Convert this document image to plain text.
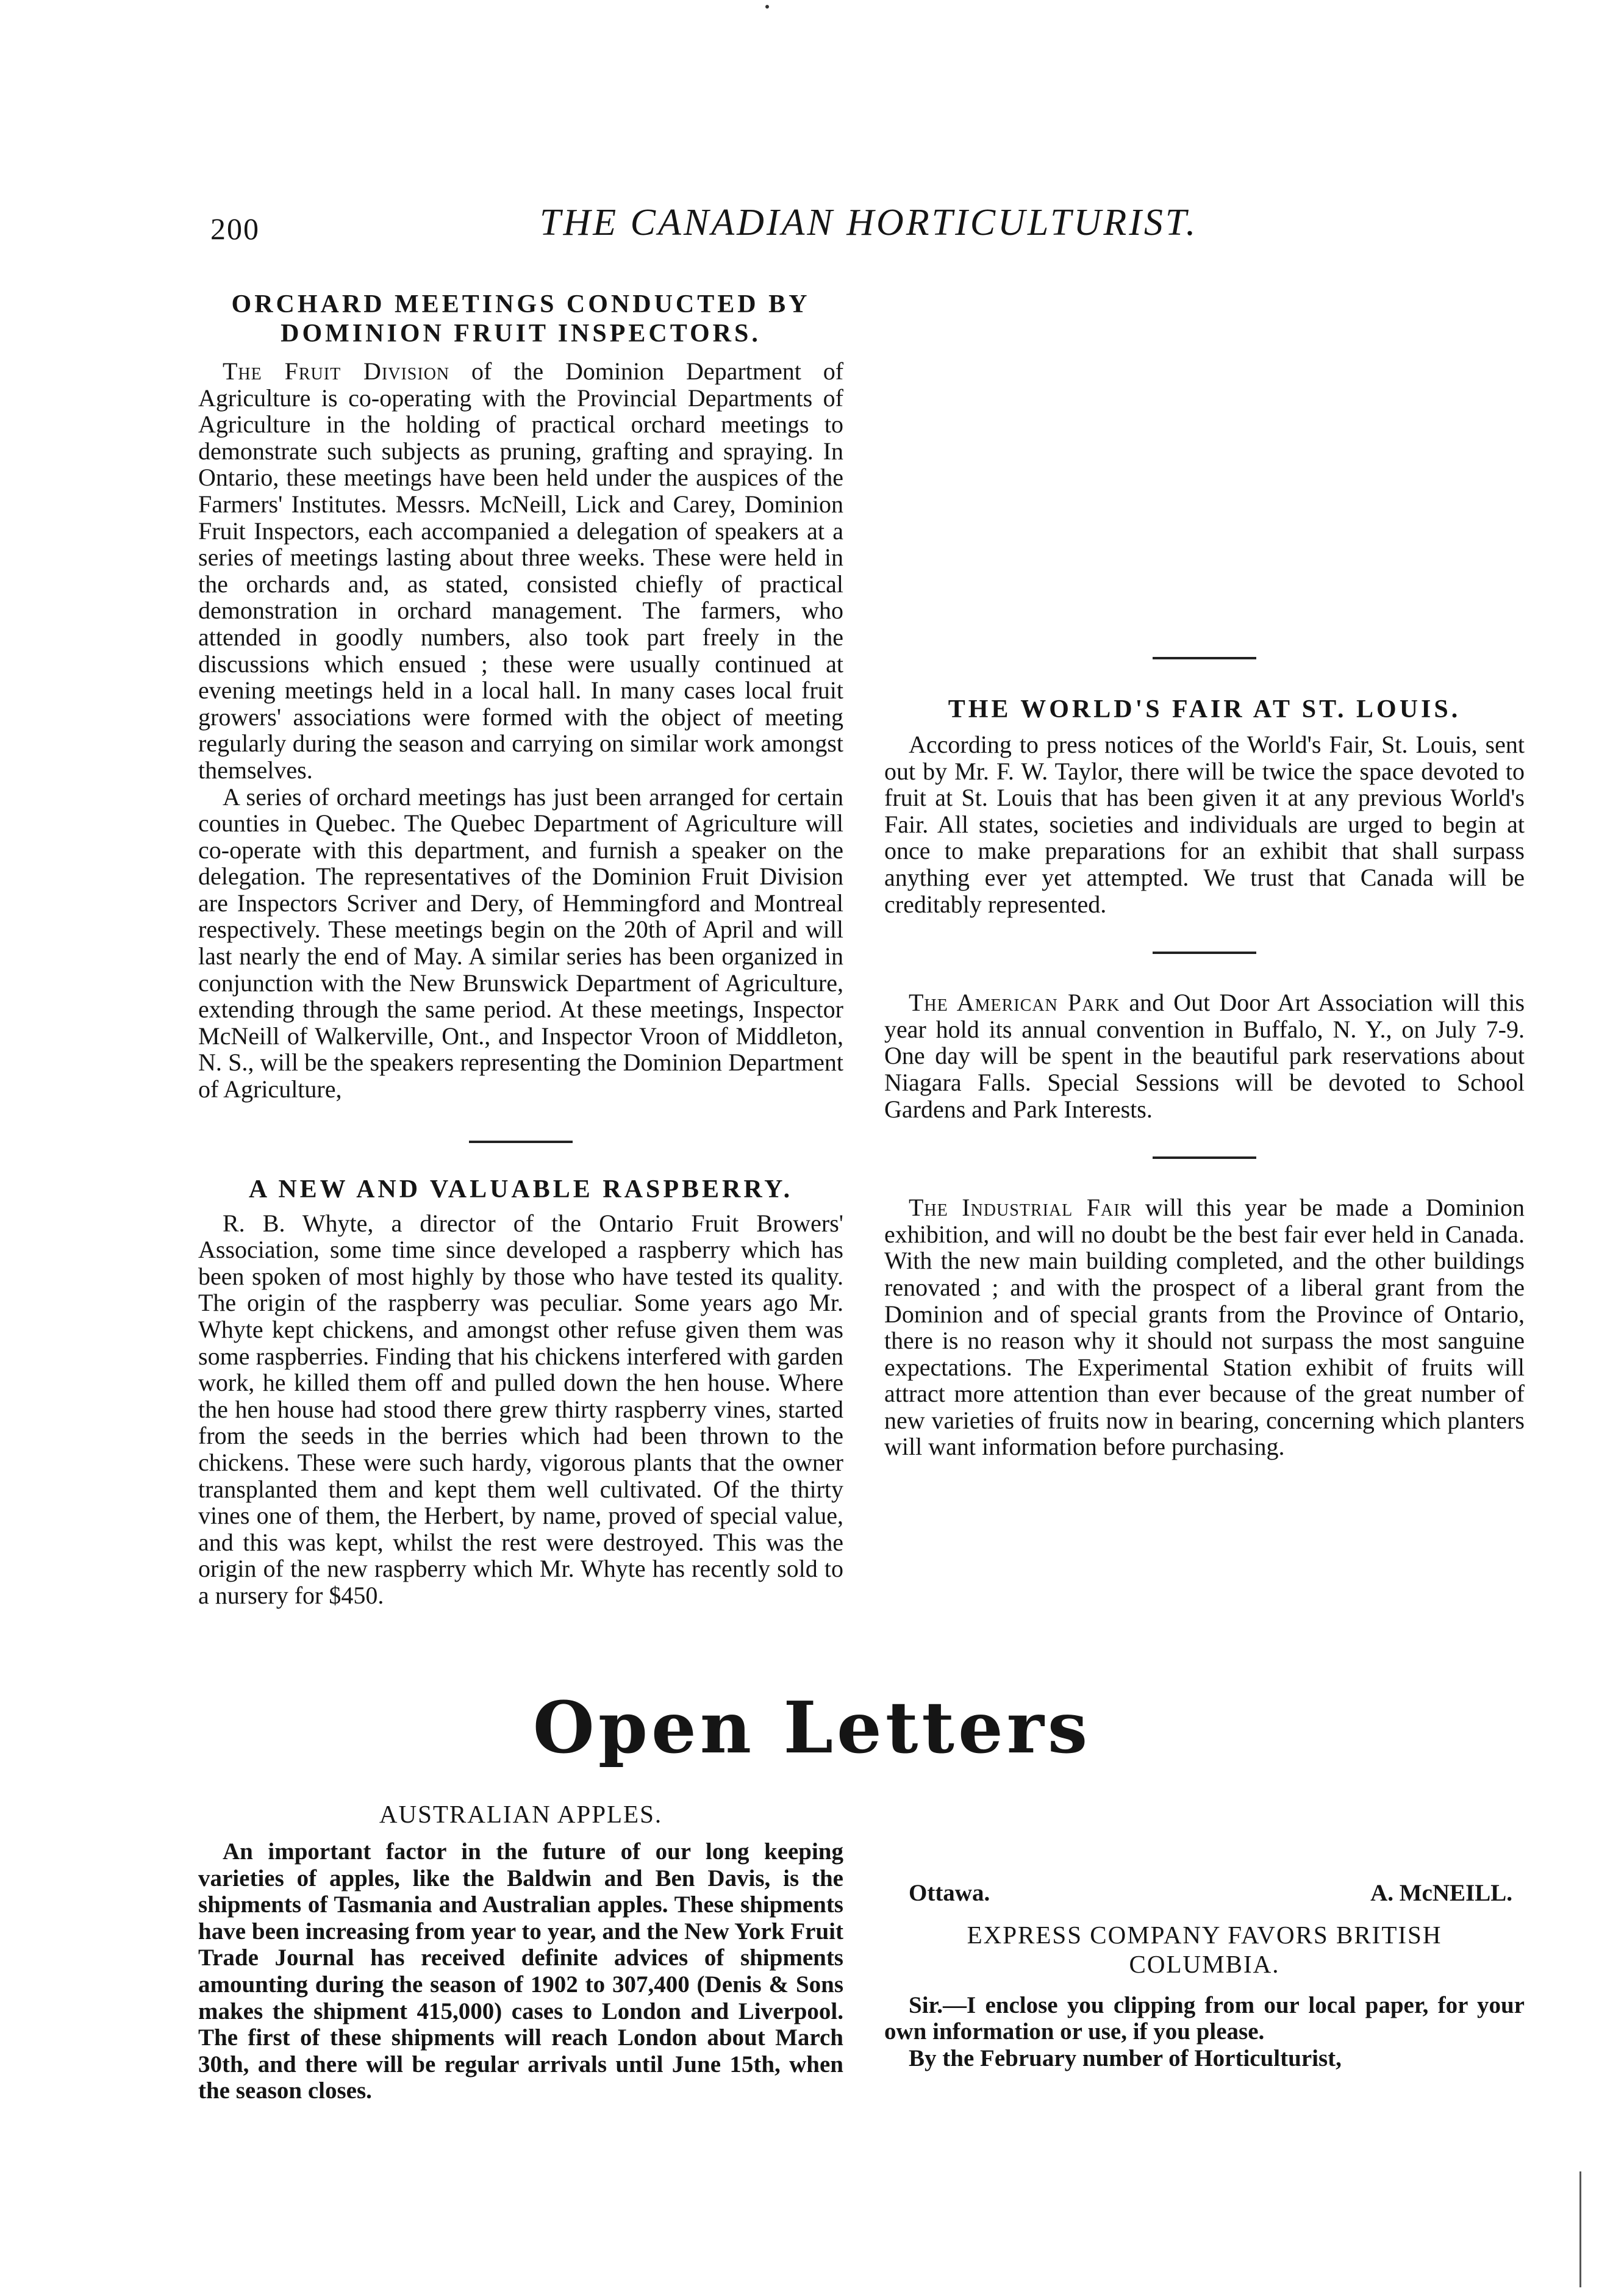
200	THE CANADIAN HORTICULTURIST.
ORCHARD MEETINGS CONDUCTED BY
DOMINION FRUIT INSPECTORS.

The Fruit Division of the Dominion Department of Agriculture is co-operating with the Provincial Departments of Agriculture in the holding of practical orchard meetings to demonstrate such subjects as pruning, grafting and spraying. In Ontario, these meetings have been held under the auspices of the Farmers' Institutes. Messrs. McNeill, Lick and Carey, Dominion Fruit Inspectors, each accompanied a delegation of speakers at a series of meetings lasting about three weeks. These were held in the orchards and, as stated, consisted chiefly of practical demonstration in orchard management. The farmers, who attended in goodly numbers, also took part freely in the discussions which ensued ; these were usually continued at evening meetings held in a local hall. In many cases local fruit growers' associations were formed with the object of meeting regularly during the season and carrying on similar work amongst themselves.

A series of orchard meetings has just been arranged for certain counties in Quebec. The Quebec Department of Agriculture will co-operate with this department, and furnish a speaker on the delegation. The representatives of the Dominion Fruit Division are Inspectors Scriver and Dery, of Hemmingford and Montreal respectively. These meetings begin on the 20th of April and will last nearly the end of May. A similar series has been organized in conjunction with the New Brunswick Department of Agriculture, extending through the same period. At these meetings, Inspector McNeill of Walkerville, Ont., and Inspector Vroon of Middleton, N. S., will be the speakers representing the Dominion Department of Agriculture,

A NEW AND VALUABLE RASPBERRY.

R. B. Whyte, a director of the Ontario Fruit Browers' Association, some time since developed a raspberry which has been spoken of most highly by those who have tested its quality. The origin of the raspberry was peculiar. Some years ago Mr. Whyte kept chickens, and amongst other refuse given them was some raspberries. Finding that his chickens interfered with garden work, he killed them off and pulled down the hen house. Where the hen house had stood there grew thirty raspberry vines, started from the seeds in the berries which had been thrown to the chickens. These were such hardy, vigorous plants that the owner transplanted them and kept them well cultivated. Of the thirty vines one of them, the Herbert, by name, proved of special value, and this was kept, whilst the rest were destroyed. This was the origin of the new raspberry which Mr. Whyte has recently sold to a nursery for $450.

THE WORLD'S FAIR AT ST. LOUIS.

According to press notices of the World's Fair, St. Louis, sent out by Mr. F. W. Taylor, there will be twice the space devoted to fruit at St. Louis that has been given it at any previous World's Fair. All states, societies and individuals are urged to begin at once to make preparations for an exhibit that shall surpass anything ever yet attempted. We trust that Canada will be creditably represented.

The American Park and Out Door Art Association will this year hold its annual convention in Buffalo, N. Y., on July 7-9. One day will be spent in the beautiful park reservations about Niagara Falls. Special Sessions will be devoted to School Gardens and Park Interests.

The Industrial Fair will this year be made a Dominion exhibition, and will no doubt be the best fair ever held in Canada. With the new main building completed, and the other buildings renovated ; and with the prospect of a liberal grant from the Dominion and of special grants from the Province of Ontario, there is no reason why it should not surpass the most sanguine expectations. The Experimental Station exhibit of fruits will attract more attention than ever because of the great number of new varieties of fruits now in bearing, concerning which planters will want information before purchasing.

Open Letters
AUSTRALIAN APPLES.

An important factor in the future of our long keeping varieties of apples, like the Baldwin and Ben Davis, is the shipments of Tasmania and Australian apples. These shipments have been increasing from year to year, and the New York Fruit Trade Journal has received definite advices of shipments amounting during the season of 1902 to 307,400 (Denis & Sons makes the shipment 415,000) cases to London and Liverpool. The first of these shipments will reach London about March 30th, and there will be regular arrivals until June 15th, when the season closes.

Ottawa.	A. McNEILL.
EXPRESS COMPANY FAVORS BRITISH
COLUMBIA.

Sir.—I enclose you clipping from our local paper, for your own information or use, if you please.

By the February number of Horticulturist,
